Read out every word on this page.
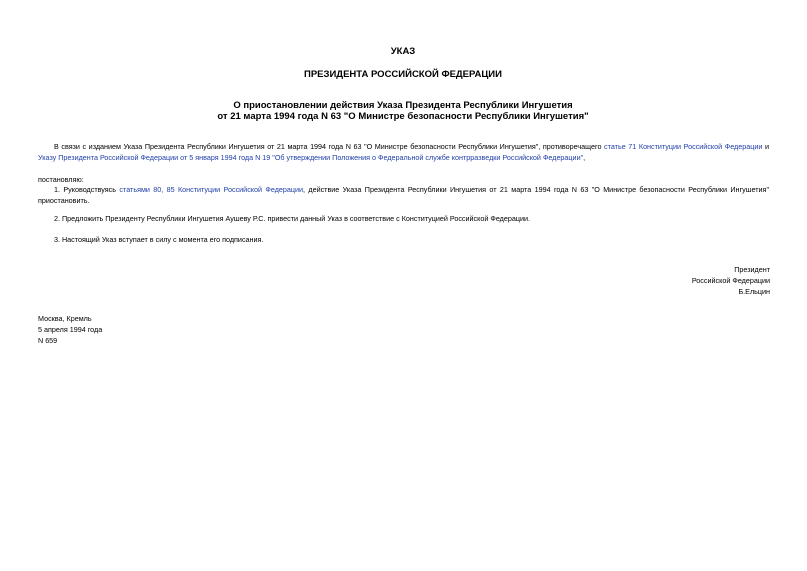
УКАЗ
ПРЕЗИДЕНТА РОССИЙСКОЙ ФЕДЕРАЦИИ
О приостановлении действия Указа Президента Республики Ингушетия
от 21 марта 1994 года N 63 "О Министре безопасности Республики Ингушетия"
В связи с изданием Указа Президента Республики Ингушетия от 21 марта 1994 года N 63 "О Министре безопасности Республики Ингушетия", противоречащего статье 71 Конституции Российской Федерации и Указу Президента Российской Федерации от 5 января 1994 года N 19 "Об утверждении Положения о Федеральной службе контрразведки Российской Федерации",
постановляю:
1. Руководствуясь статьями 80, 85 Конституции Российской Федерации, действие Указа Президента Республики Ингушетия от 21 марта 1994 года N 63 "О Министре безопасности Республики Ингушетия" приостановить.
2. Предложить Президенту Республики Ингушетия Аушеву Р.С. привести данный Указ в соответствие с Конституцией Российской Федерации.
3. Настоящий Указ вступает в силу с момента его подписания.
Президент
Российской Федерации
Б.Ельцин
Москва, Кремль
5 апреля 1994 года
N 659
